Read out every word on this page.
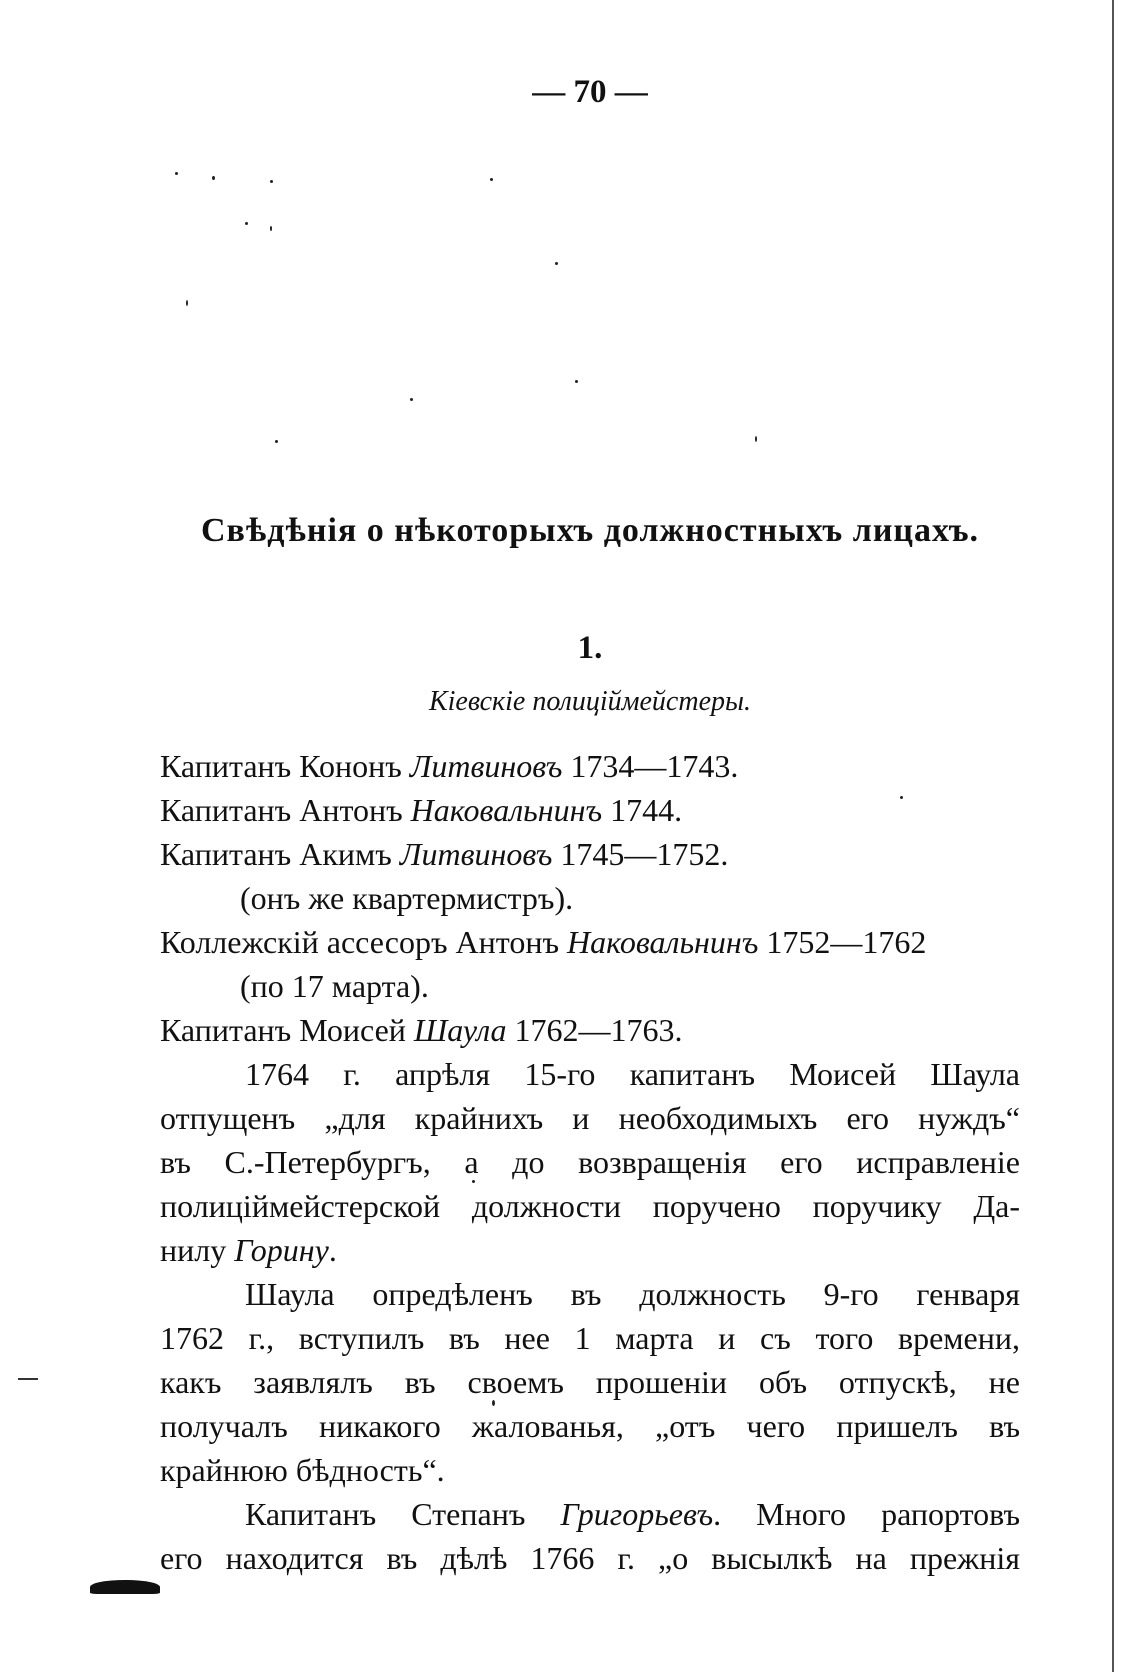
— 70 —
Свѣдѣнія о нѣкоторыхъ должностныхъ лицахъ.
1.
Кіевскіе полиціймейстеры.
Капитанъ Кононъ Литвиновъ 1734—1743.
Капитанъ Антонъ Наковальнинъ 1744.
Капитанъ Акимъ Литвиновъ 1745—1752.
(онъ же квартермистръ).
Коллежскій ассесоръ Антонъ Наковальнинъ 1752—1762
(по 17 марта).
Капитанъ Моисей Шаула 1762—1763.
1764 г. апрѣля 15-го капитанъ Моисей Шаула
отпущенъ „для крайнихъ и необходимыхъ его нуждъ“
въ С.-Петербургъ, а до возвращенія его исправленіе
полиціймейстерской должности поручено поручику Да-
нилу Горину.
Шаула опредѣленъ въ должность 9-го генваря
1762 г., вступилъ въ нее 1 марта и съ того времени,
какъ заявлялъ въ своемъ прошеніи объ отпускѣ, не
получалъ никакого жалованья, „отъ чего пришелъ въ
крайнюю бѣдность“.
Капитанъ Степанъ Григорьевъ. Много рапортовъ
его находится въ дѣлѣ 1766 г. „о высылкѣ на прежнія
